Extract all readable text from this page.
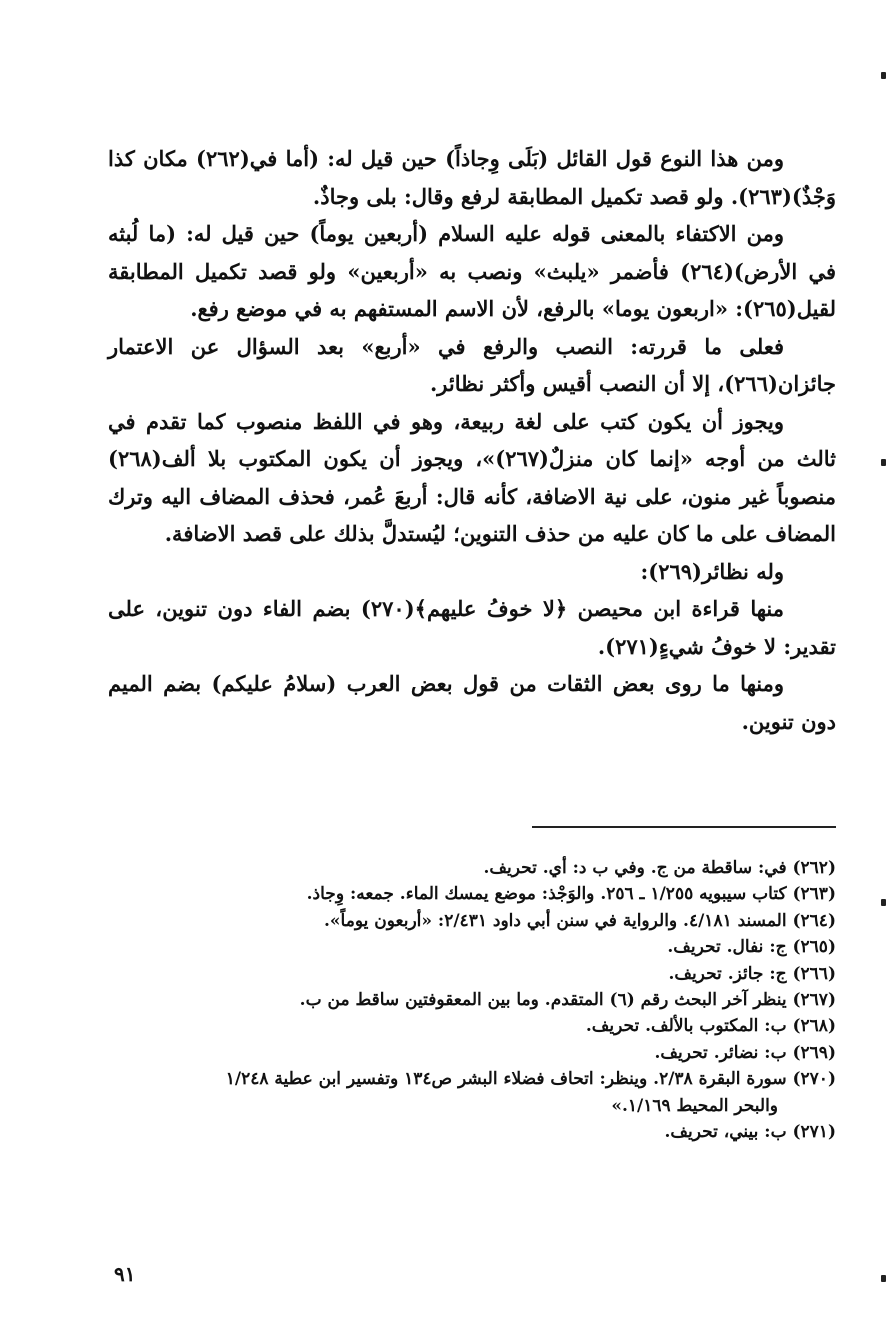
ومن هذا النوع قول القائل (بَلَى وِجاذاً) حين قيل له: (أما في(٢٦٢) مكان كذا وَجْذٌ)(٢٦٣). ولو قصد تكميل المطابقة لرفع وقال: بلى وجاذٌ.

ومن الاكتفاء بالمعنى قوله عليه السلام (أربعين يوماً) حين قيل له: (ما لُبثه في الأرض)(٢٦٤) فأضمر «يلبث» ونصب به «أربعين» ولو قصد تكميل المطابقة لقيل(٢٦٥): «اربعون يوما» بالرفع، لأن الاسم المستفهم به في موضع رفع.

فعلى ما قررته: النصب والرفع في «أربع» بعد السؤال عن الاعتمار جائزان(٢٦٦)، إلا أن النصب أقيس وأكثر نظائر.

ويجوز أن يكون كتب على لغة ربيعة، وهو في اللفظ منصوب كما تقدم في ثالث من أوجه «إنما كان منزلٌ(٢٦٧)»، ويجوز أن يكون المكتوب بلا ألف(٢٦٨) منصوباً غير منون، على نية الاضافة، كأنه قال: أربعَ عُمر، فحذف المضاف اليه وترك المضاف على ما كان عليه من حذف التنوين؛ ليُستدلَّ بذلك على قصد الاضافة.

وله نظائر(٢٦٩):

منها قراءة ابن محيصن ﴿لا خوفُ عليهم﴾(٢٧٠) بضم الفاء دون تنوين، على تقدير: لا خوفُ شيءٍ(٢٧١).

ومنها ما روى بعض الثقات من قول بعض العرب (سلامُ عليكم) بضم الميم دون تنوين.

(٢٦٢) في: ساقطة من ج. وفي ب د: أي. تحريف.

(٢٦٣) كتاب سيبويه ١/٢٥٥ ـ ٢٥٦. والوَجْذ: موضع يمسك الماء. جمعه: وِجاذ.

(٢٦٤) المسند ٤/١٨١. والرواية في سنن أبي داود ٢/٤٣١: «أربعون يوماً».

(٢٦٥) ج: نفال. تحريف.

(٢٦٦) ج: جائز. تحريف.

(٢٦٧) ينظر آخر البحث رقم (٦) المتقدم. وما بين المعقوفتين ساقط من ب.

(٢٦٨) ب: المكتوب بالألف. تحريف.

(٢٦٩) ب: نضائر. تحريف.

(٢٧٠) سورة البقرة ٢/٣٨. وينظر: اتحاف فضلاء البشر ص١٣٤ وتفسير ابن عطية ١/٢٤٨

والبحر المحيط ١/١٦٩.»

(٢٧١) ب: بيني، تحريف.

٩١
